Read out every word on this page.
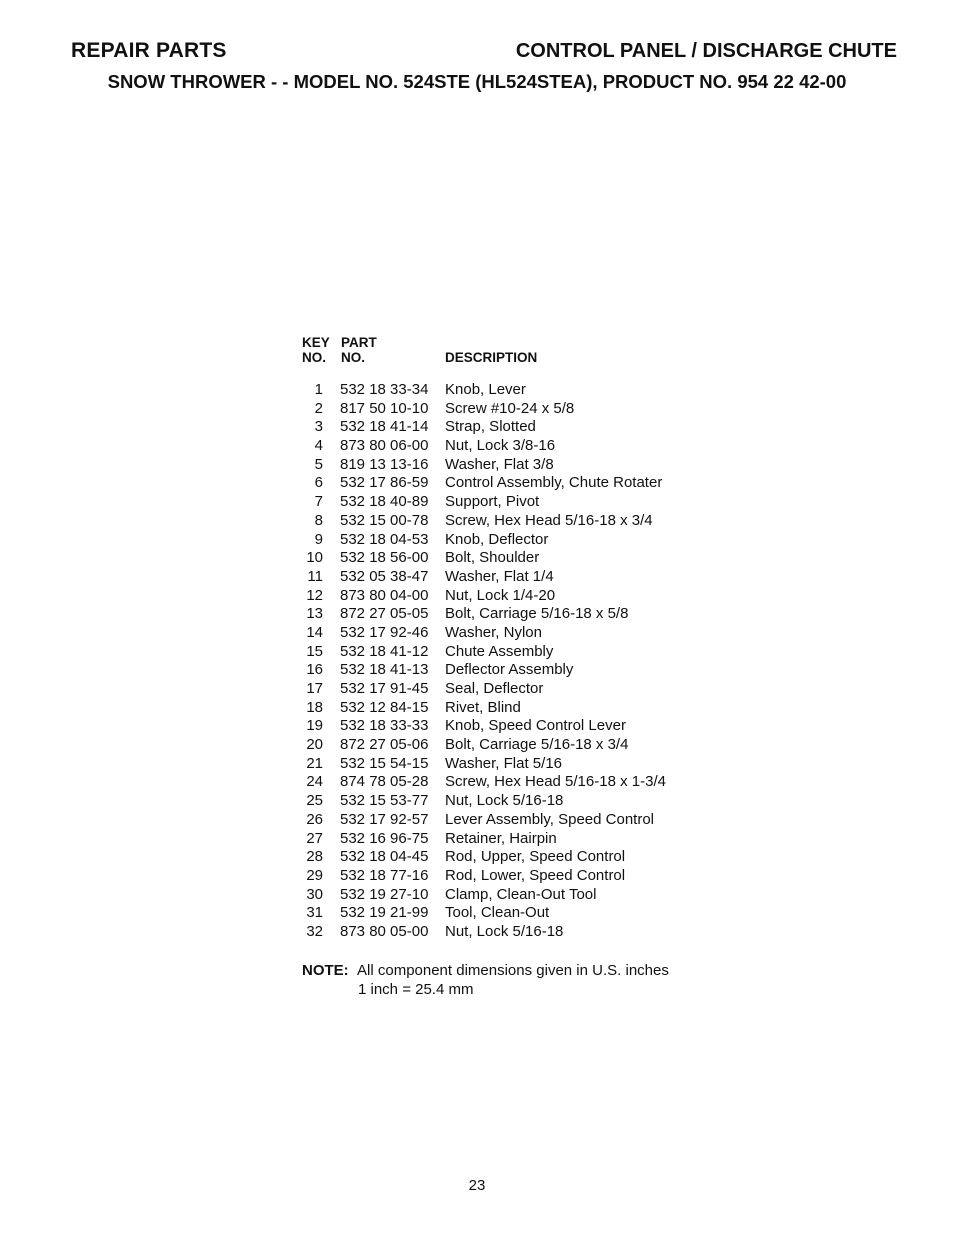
REPAIR PARTS	CONTROL PANEL / DISCHARGE CHUTE
SNOW THROWER - - MODEL NO. 524STE (HL524STEA), PRODUCT NO. 954 22 42-00
KEY
NO.
PART
NO.	DESCRIPTION
1 532 18 33-34 Knob, Lever
2 817 50 10-10 Screw #10-24 x 5/8
3 532 18 41-14 Strap, Slotted
4 873 80 06-00 Nut, Lock 3/8-16
5 819 13 13-16 Washer, Flat 3/8
6 532 17 86-59 Control Assembly, Chute Rotater
7 532 18 40-89 Support, Pivot
8 532 15 00-78 Screw, Hex Head 5/16-18 x 3/4
9 532 18 04-53 Knob, Deflector
10 532 18 56-00 Bolt, Shoulder
11 532 05 38-47 Washer, Flat 1/4
12 873 80 04-00 Nut, Lock 1/4-20
13 872 27 05-05 Bolt, Carriage 5/16-18 x 5/8
14 532 17 92-46 Washer, Nylon
15 532 18 41-12 Chute Assembly
16 532 18 41-13 Deflector Assembly
17 532 17 91-45 Seal, Deflector
18 532 12 84-15 Rivet, Blind
19 532 18 33-33 Knob, Speed Control Lever
20 872 27 05-06 Bolt, Carriage 5/16-18 x 3/4
21 532 15 54-15 Washer, Flat 5/16
24 874 78 05-28 Screw, Hex Head 5/16-18 x 1-3/4
25 532 15 53-77 Nut, Lock 5/16-18
26 532 17 92-57 Lever Assembly, Speed Control
27 532 16 96-75 Retainer, Hairpin
28 532 18 04-45 Rod, Upper, Speed Control
29 532 18 77-16 Rod, Lower, Speed Control
30 532 19 27-10 Clamp, Clean-Out Tool
31 532 19 21-99 Tool, Clean-Out
32 873 80 05-00 Nut, Lock 5/16-18
NOTE: All component dimensions given in U.S. inches
1 inch = 25.4 mm
23
